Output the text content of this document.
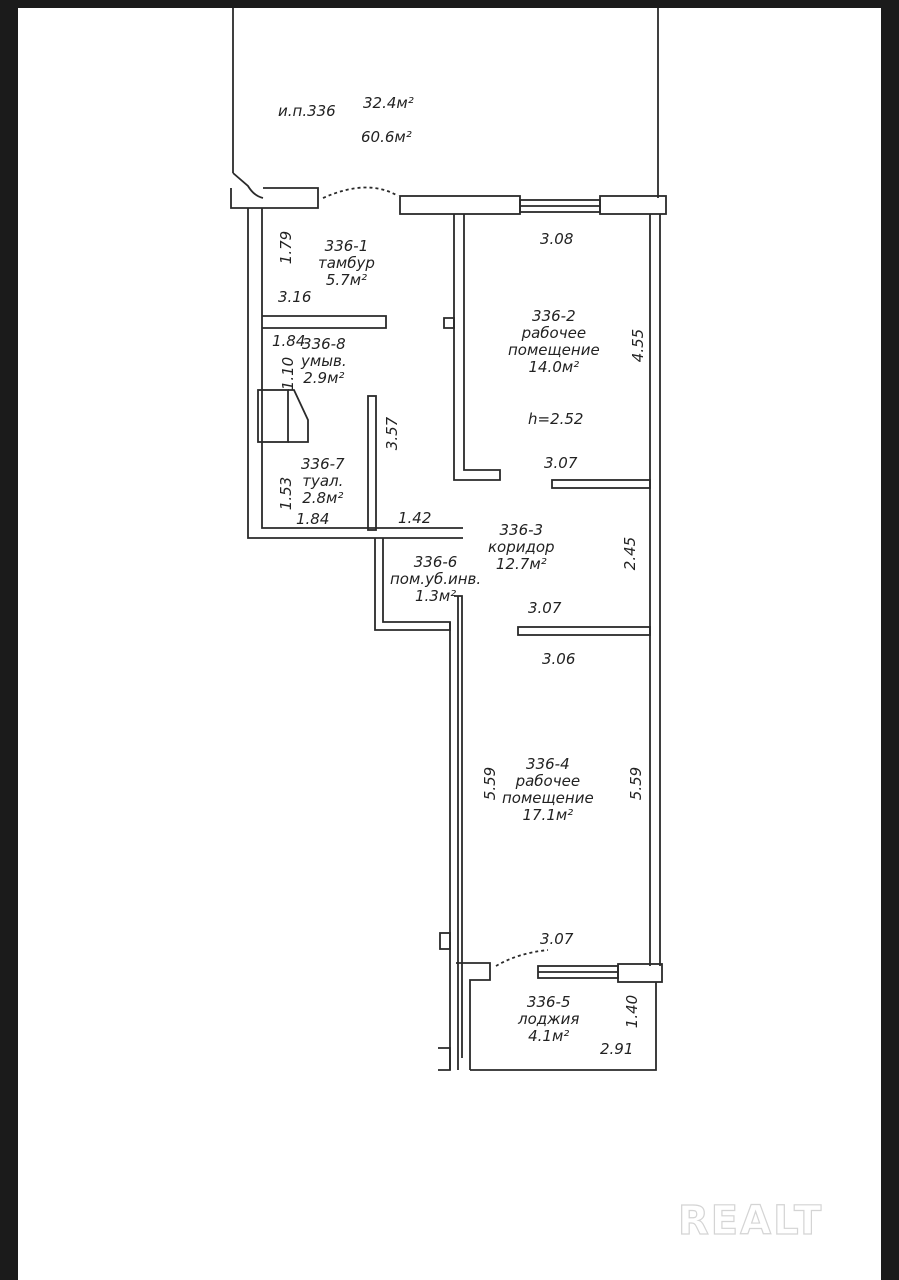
и.п.336 32.4м²
60.6м²
336-1
тамбур
5.7м²
336-2
рабочее
помещение
14.0м²
h=2.52
336-8
умыв.
2.9м²
336-7
туал.
2.8м²
336-3
коридор
12.7м²
336-6
пом.уб.инв.
1.3м²
336-4
рабочее
помещение
17.1м²
336-5
лоджия
4.1м²
1.79
3.16
3.08
4.55
3.07
1.84
1.10
3.57
1.53
1.84	1.42
2.45
3.07
3.06
5.59	5.59
3.07
1.40
2.91
REALT
